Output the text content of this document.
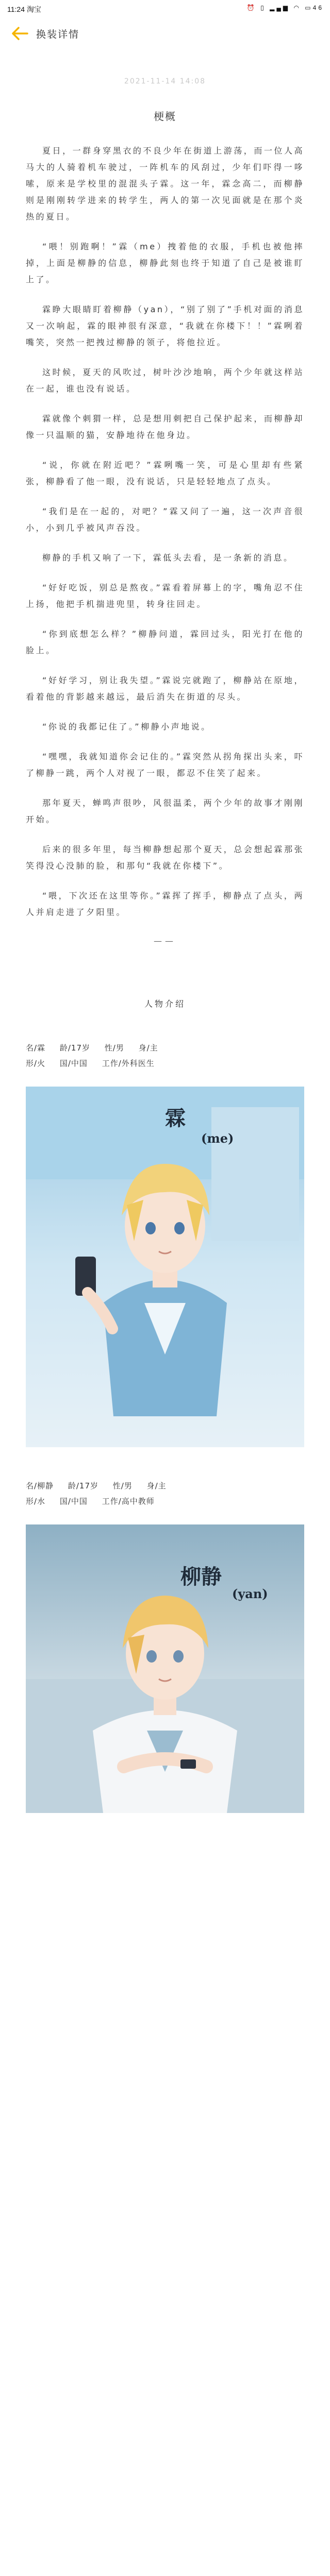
11:24 淘宝	⏰ ▯ ▂▄▆ ◠ ▭46
换装详情
2021-11-14 14:08
梗概

夏日，一群身穿黑衣的不良少年在街道上游荡，而一位人高马大的人骑着机车驶过，一阵机车的风刮过，少年们吓得一哆嗦，原来是学校里的混混头子霖。这一年，霖念高二，而柳静则是刚刚转学进来的转学生，两人的第一次见面就是在那个炎热的夏日。

“喂！别跑啊！”霖（me）拽着他的衣服，手机也被他摔掉，上面是柳静的信息，柳静此刻也终于知道了自己是被谁盯上了。

霖睁大眼睛盯着柳静（yan），“别了别了”手机对面的消息又一次响起，霖的眼神很有深意，“我就在你楼下！！”霖咧着嘴笑，突然一把拽过柳静的领子，将他拉近。

这时候，夏天的风吹过，树叶沙沙地响，两个少年就这样站在一起，谁也没有说话。

霖就像个刺猬一样，总是想用刺把自己保护起来，而柳静却像一只温顺的猫，安静地待在他身边。

“说，你就在附近吧？”霖咧嘴一笑，可是心里却有些紧张，柳静看了他一眼，没有说话，只是轻轻地点了点头。

“我们是在一起的，对吧？”霖又问了一遍，这一次声音很小，小到几乎被风声吞没。

柳静的手机又响了一下，霖低头去看，是一条新的消息。

“好好吃饭，别总是熬夜。”霖看着屏幕上的字，嘴角忍不住上扬，他把手机揣进兜里，转身往回走。

“你到底想怎么样？”柳静问道，霖回过头，阳光打在他的脸上。

“好好学习，别让我失望。”霖说完就跑了，柳静站在原地，看着他的背影越来越远，最后消失在街道的尽头。

“你说的我都记住了。”柳静小声地说。

“嘿嘿，我就知道你会记住的。”霖突然从拐角探出头来，吓了柳静一跳，两个人对视了一眼，都忍不住笑了起来。

那年夏天，蝉鸣声很吵，风很温柔，两个少年的故事才刚刚开始。

后来的很多年里，每当柳静想起那个夏天，总会想起霖那张笑得没心没肺的脸，和那句“我就在你楼下”。

“喂，下次还在这里等你。”霖挥了挥手，柳静点了点头，两人并肩走进了夕阳里。

——
人物介绍
名/霖 龄/17岁 性/男 身/主
形/火 国/中国 工作/外科医生
霖
(me)
名/柳静 龄/17岁 性/男 身/主
形/水 国/中国 工作/高中教师
柳静
(yan)
